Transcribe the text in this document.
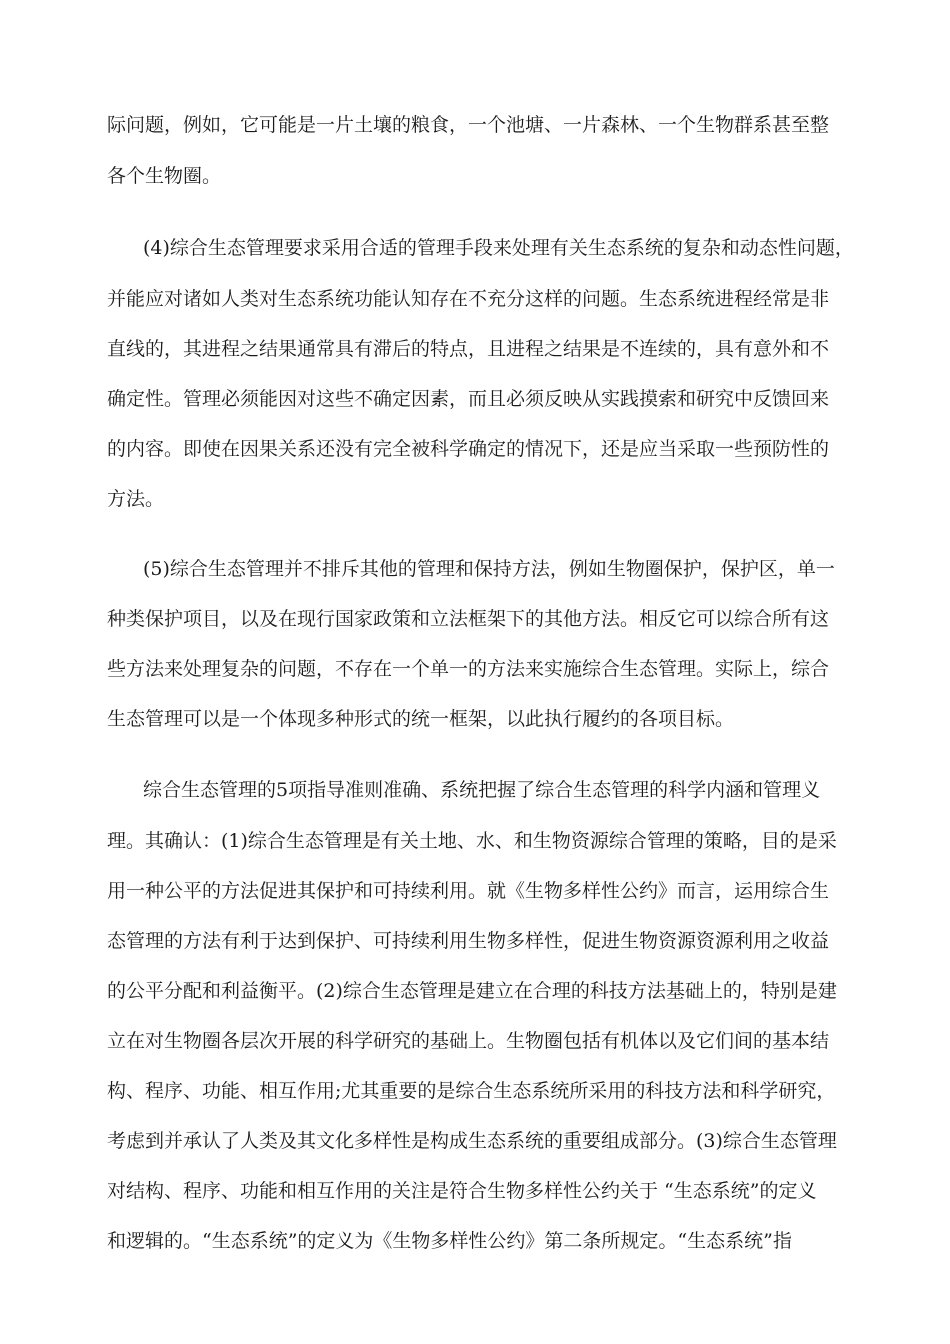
际问题，例如，它可能是一片土壤的粮食，一个池塘、一片森林、一个生物群系甚至整
各个生物圈。
(4)综合生态管理要求采用合适的管理手段来处理有关生态系统的复杂和动态性问题，
并能应对诸如人类对生态系统功能认知存在不充分这样的问题。生态系统进程经常是非
直线的，其进程之结果通常具有滞后的特点，且进程之结果是不连续的，具有意外和不
确定性。管理必须能因对这些不确定因素，而且必须反映从实践摸索和研究中反馈回来
的内容。即使在因果关系还没有完全被科学确定的情况下，还是应当采取一些预防性的
方法。
(5)综合生态管理并不排斥其他的管理和保持方法，例如生物圈保护，保护区，单一
种类保护项目，以及在现行国家政策和立法框架下的其他方法。相反它可以综合所有这
些方法来处理复杂的问题，不存在一个单一的方法来实施综合生态管理。实际上，综合
生态管理可以是一个体现多种形式的统一框架，以此执行履约的各项目标。
综合生态管理的5项指导准则准确、系统把握了综合生态管理的科学内涵和管理义
理。其确认：(1)综合生态管理是有关土地、水、和生物资源综合管理的策略，目的是采
用一种公平的方法促进其保护和可持续利用。就《生物多样性公约》而言，运用综合生
态管理的方法有利于达到保护、可持续利用生物多样性，促进生物资源资源利用之收益
的公平分配和利益衡平。(2)综合生态管理是建立在合理的科技方法基础上的，特别是建
立在对生物圈各层次开展的科学研究的基础上。生物圈包括有机体以及它们间的基本结
构、程序、功能、相互作用;尤其重要的是综合生态系统所采用的科技方法和科学研究，
考虑到并承认了人类及其文化多样性是构成生态系统的重要组成部分。(3)综合生态管理
对结构、程序、功能和相互作用的关注是符合生物多样性公约关于 “生态系统”的定义
和逻辑的。“生态系统”的定义为《生物多样性公约》第二条所规定。“生态系统”指
